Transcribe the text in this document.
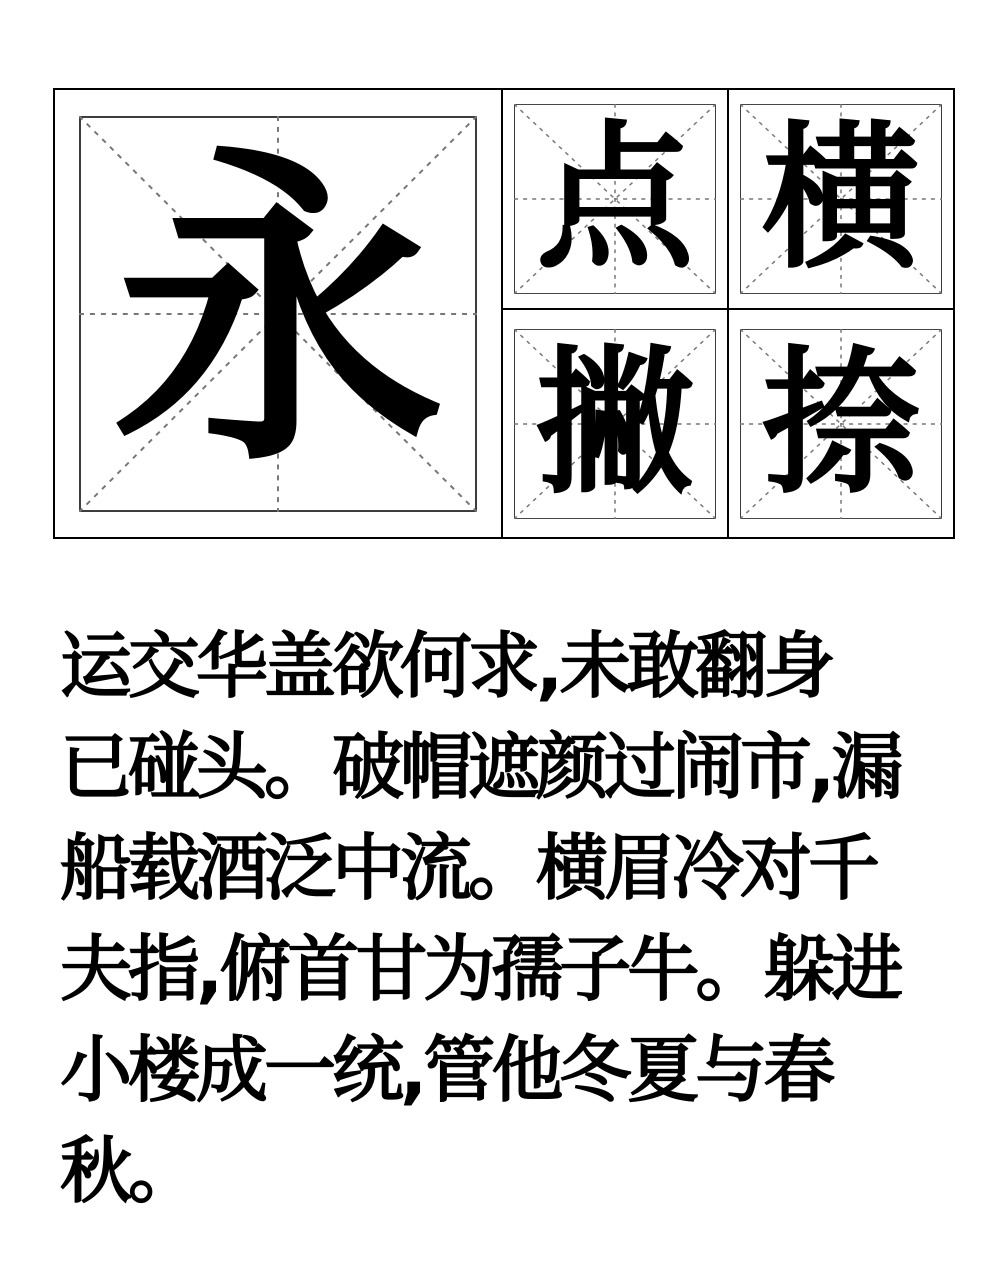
永 点 横
撇 捺
运交华盖欲何求,未敢翻身
已碰头。破帽遮颜过闹市,漏
船载酒泛中流。横眉冷对千
夫指,俯首甘为孺子牛。躲进
小楼成一统,管他冬夏与春
秋。
